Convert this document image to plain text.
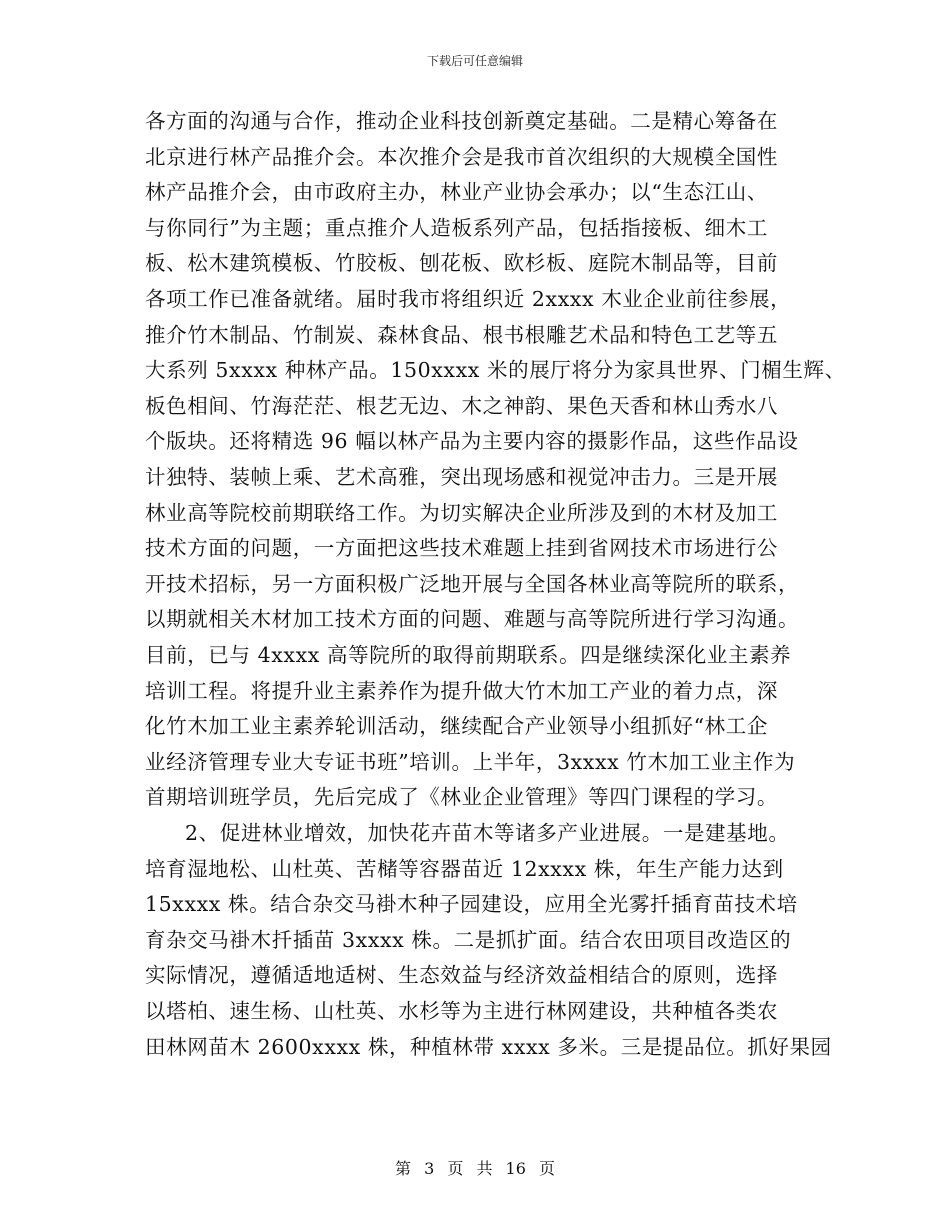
下载后可任意编辑
各方面的沟通与合作，推动企业科技创新奠定基础。二是精心筹备在
北京进行林产品推介会。本次推介会是我市首次组织的大规模全国性
林产品推介会，由市政府主办，林业产业协会承办；以“生态江山、
与你同行”为主题；重点推介人造板系列产品，包括指接板、细木工
板、松木建筑模板、竹胶板、刨花板、欧杉板、庭院木制品等，目前
各项工作已准备就绪。届时我市将组织近 2xxxx 木业企业前往参展，
推介竹木制品、竹制炭、森林食品、根书根雕艺术品和特色工艺等五
大系列 5xxxx 种林产品。150xxxx 米的展厅将分为家具世界、门楣生辉、
板色相间、竹海茫茫、根艺无边、木之神韵、果色天香和林山秀水八
个版块。还将精选 96 幅以林产品为主要内容的摄影作品，这些作品设
计独特、装帧上乘、艺术高雅，突出现场感和视觉冲击力。三是开展
林业高等院校前期联络工作。为切实解决企业所涉及到的木材及加工
技术方面的问题，一方面把这些技术难题上挂到省网技术市场进行公
开技术招标，另一方面积极广泛地开展与全国各林业高等院所的联系，
以期就相关木材加工技术方面的问题、难题与高等院所进行学习沟通。
目前，已与 4xxxx 高等院所的取得前期联系。四是继续深化业主素养
培训工程。将提升业主素养作为提升做大竹木加工产业的着力点，深
化竹木加工业主素养轮训活动，继续配合产业领导小组抓好“林工企
业经济管理专业大专证书班”培训。上半年，3xxxx 竹木加工业主作为
首期培训班学员，先后完成了《林业企业管理》等四门课程的学习。
2、促进林业增效，加快花卉苗木等诸多产业进展。一是建基地。
培育湿地松、山杜英、苦槠等容器苗近 12xxxx 株，年生产能力达到
15xxxx 株。结合杂交马褂木种子园建设，应用全光雾扦插育苗技术培
育杂交马褂木扦插苗 3xxxx 株。二是抓扩面。结合农田项目改造区的
实际情况，遵循适地适树、生态效益与经济效益相结合的原则，选择
以塔柏、速生杨、山杜英、水杉等为主进行林网建设，共种植各类农
田林网苗木 2600xxxx 株，种植林带 xxxx 多米。三是提品位。抓好果园
第 3 页 共 16 页
